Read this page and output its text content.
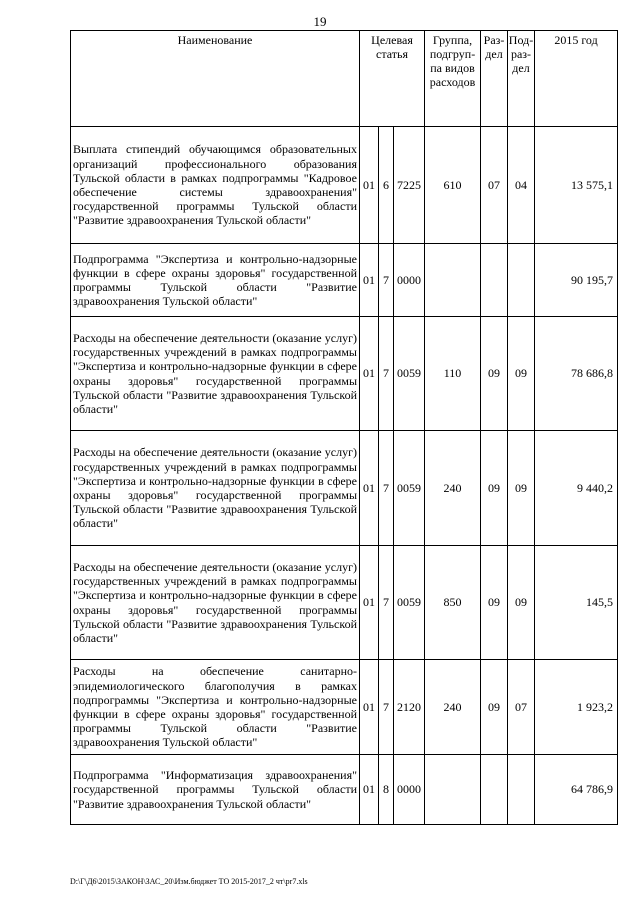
19
Наименование	Целевая статья			Группа, подгруп-па видов расходов	Раз-дел	Под-раз-дел	2015 год
Выплата стипендий обучающимся образовательных организаций профессионального образования Тульской области в рамках подпрограммы "Кадровое обеспечение системы здравоохранения" государственной программы Тульской области "Развитие здравоохранения Тульской области"	01	6	7225	610	07	04	13 575,1
Подпрограмма "Экспертиза и контрольно-надзорные функции в сфере охраны здоровья" государственной программы Тульской области "Развитие здравоохранения Тульской области"	01	7	0000				90 195,7
Расходы на обеспечение деятельности (оказание услуг) государственных учреждений в рамках подпрограммы "Экспертиза и контрольно-надзорные функции в сфере охраны здоровья" государственной программы Тульской области "Развитие здравоохранения Тульской области"	01	7	0059	110	09	09	78 686,8
Расходы на обеспечение деятельности (оказание услуг) государственных учреждений в рамках подпрограммы "Экспертиза и контрольно-надзорные функции в сфере охраны здоровья" государственной программы Тульской области "Развитие здравоохранения Тульской области"	01	7	0059	240	09	09	9 440,2
Расходы на обеспечение деятельности (оказание услуг) государственных учреждений в рамках подпрограммы "Экспертиза и контрольно-надзорные функции в сфере охраны здоровья" государственной программы Тульской области "Развитие здравоохранения Тульской области"	01	7	0059	850	09	09	145,5
Расходы на обеспечение санитарно-эпидемиологического благополучия в рамках подпрограммы "Экспертиза и контрольно-надзорные функции в сфере охраны здоровья" государственной программы Тульской области "Развитие здравоохранения Тульской области"	01	7	2120	240	09	07	1 923,2
Подпрограмма "Информатизация здравоохранения" государственной программы Тульской области "Развитие здравоохранения Тульской области"	01	8	0000				64 786,9
D:\Г\Д6\2015\ЗАКОН\ЗАС_20\Изм.бюджет ТО 2015-2017_2 чт\pr7.xls
